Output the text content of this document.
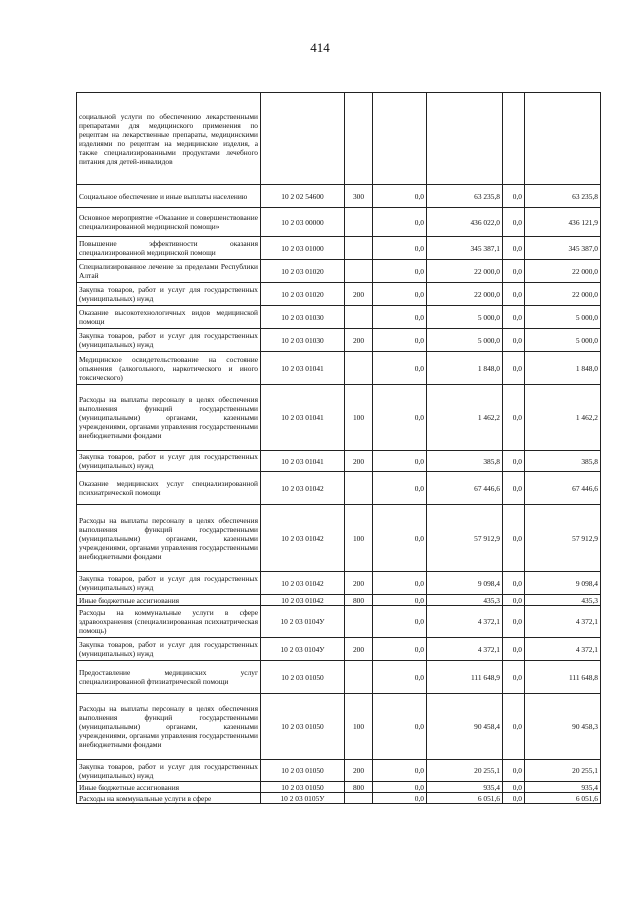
414
социальной услуги по обеспечению лекарственными препаратами для медицинского применения по рецептам на лекарственные препараты, медицинскими изделиями по рецептам на медицинские изделия, а также специализированными продуктами лечебного питания для детей-инвалидов						
Социальное обеспечение и иные выплаты населению	10 2 02 54600	300	0,0	63 235,8	0,0	63 235,8
Основное мероприятие «Оказание и совершенствование специализированной медицинской помощи»	10 2 03 00000		0,0	436 022,0	0,0	436 121,9
Повышение эффективности оказания специализированной медицинской помощи	10 2 03 01000		0,0	345 387,1	0,0	345 387,0
Специализированное лечение за пределами Республики Алтай	10 2 03 01020		0,0	22 000,0	0,0	22 000,0
Закупка товаров, работ и услуг для государственных (муниципальных) нужд	10 2 03 01020	200	0,0	22 000,0	0,0	22 000,0
Оказание высокотехнологичных видов медицинской помощи	10 2 03 01030		0,0	5 000,0	0,0	5 000,0
Закупка товаров, работ и услуг для государственных (муниципальных) нужд	10 2 03 01030	200	0,0	5 000,0	0,0	5 000,0
Медицинское освидетельствование на состояние опьянения (алкогольного, наркотического и иного токсического)	10 2 03 01041		0,0	1 848,0	0,0	1 848,0
Расходы на выплаты персоналу в целях обеспечения выполнения функций государственными (муниципальными) органами, казенными учреждениями, органами управления государственными внебюджетными фондами	10 2 03 01041	100	0,0	1 462,2	0,0	1 462,2
Закупка товаров, работ и услуг для государственных (муниципальных) нужд	10 2 03 01041	200	0,0	385,8	0,0	385,8
Оказание медицинских услуг специализированной психиатрической помощи	10 2 03 01042		0,0	67 446,6	0,0	67 446,6
Расходы на выплаты персоналу в целях обеспечения выполнения функций государственными (муниципальными) органами, казенными учреждениями, органами управления государственными внебюджетными фондами	10 2 03 01042	100	0,0	57 912,9	0,0	57 912,9
Закупка товаров, работ и услуг для государственных (муниципальных) нужд	10 2 03 01042	200	0,0	9 098,4	0,0	9 098,4
Иные бюджетные ассигнования	10 2 03 01042	800	0,0	435,3	0,0	435,3
Расходы на коммунальные услуги в сфере здравоохранения (специализированная психиатрическая помощь)	10 2 03 0104У		0,0	4 372,1	0,0	4 372,1
Закупка товаров, работ и услуг для государственных (муниципальных) нужд	10 2 03 0104У	200	0,0	4 372,1	0,0	4 372,1
Предоставление медицинских услуг специализированной фтизиатрической помощи	10 2 03 01050		0,0	111 648,9	0,0	111 648,8
Расходы на выплаты персоналу в целях обеспечения выполнения функций государственными (муниципальными) органами, казенными учреждениями, органами управления государственными внебюджетными фондами	10 2 03 01050	100	0,0	90 458,4	0,0	90 458,3
Закупка товаров, работ и услуг для государственных (муниципальных) нужд	10 2 03 01050	200	0,0	20 255,1	0,0	20 255,1
Иные бюджетные ассигнования	10 2 03 01050	800	0,0	935,4	0,0	935,4
Расходы на коммунальные услуги в сфере	10 2 03 0105У		0,0	6 051,6	0,0	6 051,6
